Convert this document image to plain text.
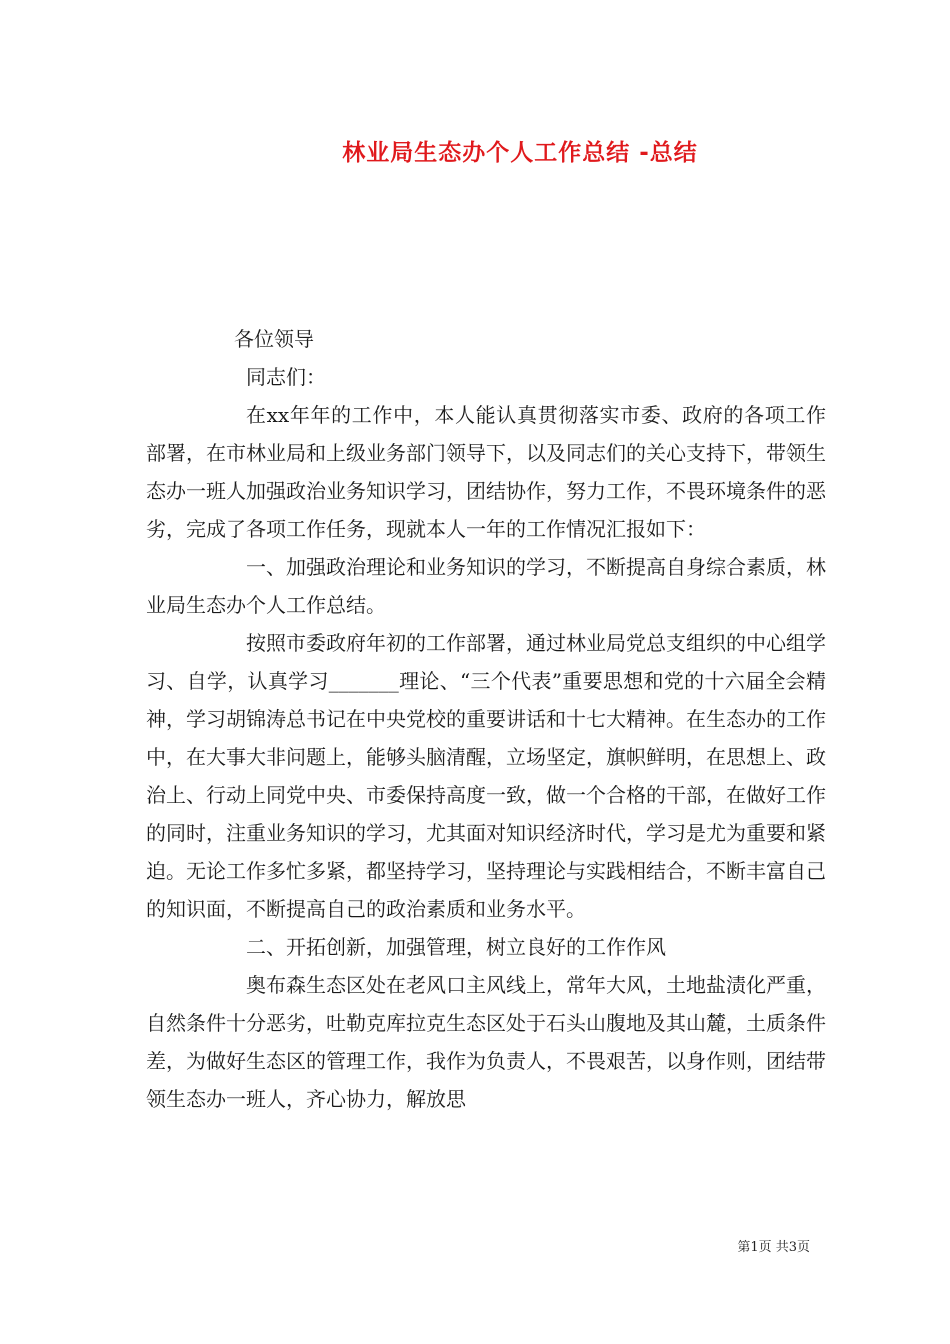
林业局生态办个人工作总结 -总结

各位领导

同志们：

在xx年年的工作中，本人能认真贯彻落实市委、政府的各项工作部署，在市林业局和上级业务部门领导下，以及同志们的关心支持下，带领生态办一班人加强政治业务知识学习，团结协作，努力工作，不畏环境条件的恶劣，完成了各项工作任务，现就本人一年的工作情况汇报如下：

一、加强政治理论和业务知识的学习，不断提高自身综合素质，林业局生态办个人工作总结。

按照市委政府年初的工作部署，通过林业局党总支组织的中心组学习、自学，认真学习_______理论、“三个代表”重要思想和党的十六届全会精神，学习胡锦涛总书记在中央党校的重要讲话和十七大精神。在生态办的工作中，在大事大非问题上，能够头脑清醒，立场坚定，旗帜鲜明，在思想上、政治上、行动上同党中央、市委保持高度一致，做一个合格的干部，在做好工作的同时，注重业务知识的学习，尤其面对知识经济时代，学习是尤为重要和紧迫。无论工作多忙多紧，都坚持学习，坚持理论与实践相结合，不断丰富自己的知识面，不断提高自己的政治素质和业务水平。

二、开拓创新，加强管理，树立良好的工作作风

奥布森生态区处在老风口主风线上，常年大风，土地盐渍化严重，自然条件十分恶劣，吐勒克库拉克生态区处于石头山腹地及其山麓，土质条件差，为做好生态区的管理工作，我作为负责人，不畏艰苦，以身作则，团结带领生态办一班人，齐心协力，解放思

第1页 共3页
